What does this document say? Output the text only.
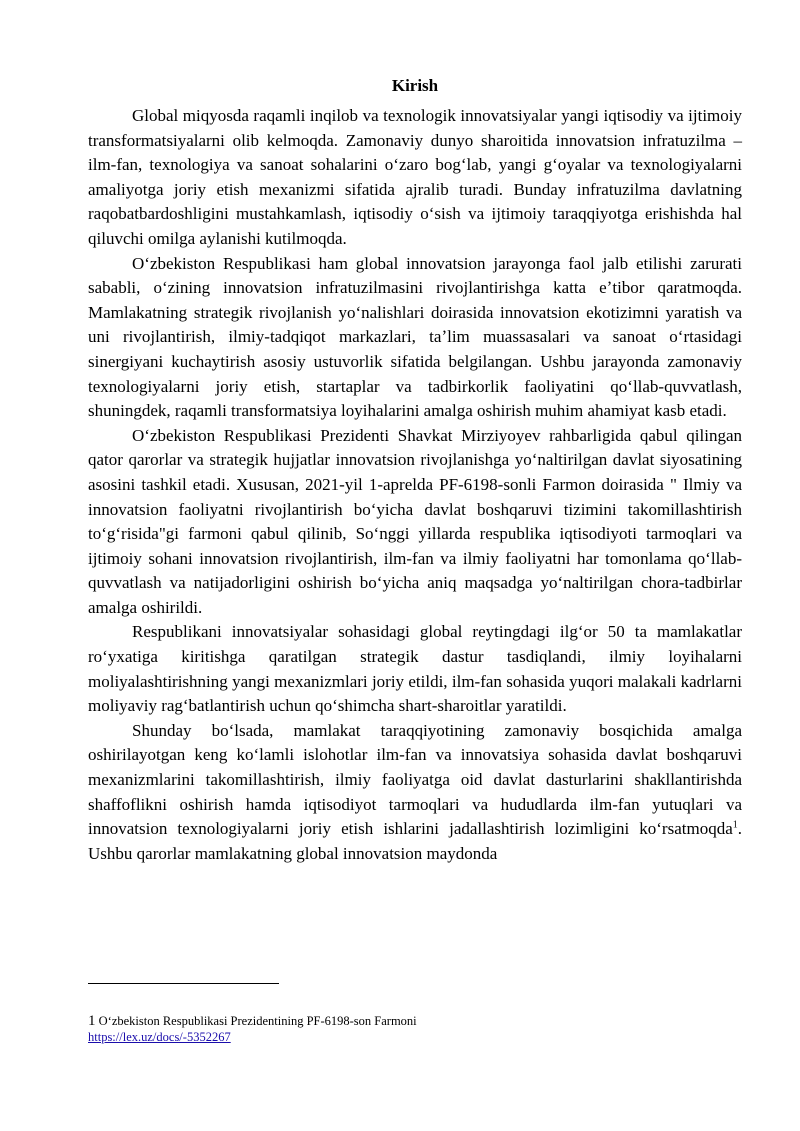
Kirish

Global miqyosda raqamli inqilob va texnologik innovatsiyalar yangi iqtisodiy va ijtimoiy transformatsiyalarni olib kelmoqda. Zamonaviy dunyo sharoitida innovatsion infratuzilma – ilm-fan, texnologiya va sanoat sohalarini oʻzaro bogʻlab, yangi gʻoyalar va texnologiyalarni amaliyotga joriy etish mexanizmi sifatida ajralib turadi. Bunday infratuzilma davlatning raqobatbardoshligini mustahkamlash, iqtisodiy oʻsish va ijtimoiy taraqqiyotga erishishda hal qiluvchi omilga aylanishi kutilmoqda.

Oʻzbekiston Respublikasi ham global innovatsion jarayonga faol jalb etilishi zarurati sababli, oʻzining innovatsion infratuzilmasini rivojlantirishga katta eʼtibor qaratmoqda. Mamlakatning strategik rivojlanish yoʻnalishlari doirasida innovatsion ekotizimni yaratish va uni rivojlantirish, ilmiy-tadqiqot markazlari, taʼlim muassasalari va sanoat oʻrtasidagi sinergiyani kuchaytirish asosiy ustuvorlik sifatida belgilangan. Ushbu jarayonda zamonaviy texnologiyalarni joriy etish, startaplar va tadbirkorlik faoliyatini qoʻllab-quvvatlash, shuningdek, raqamli transformatsiya loyihalarini amalga oshirish muhim ahamiyat kasb etadi.

Oʻzbekiston Respublikasi Prezidenti Shavkat Mirziyoyev rahbarligida qabul qilingan qator qarorlar va strategik hujjatlar innovatsion rivojlanishga yoʻnaltirilgan davlat siyosatining asosini tashkil etadi. Xususan, 2021-yil 1-aprelda PF-6198-sonli Farmon doirasida " Ilmiy va innovatsion faoliyatni rivojlantirish boʻyicha davlat boshqaruvi tizimini takomillashtirish toʻgʻrisida"gi farmoni qabul qilinib, Soʻnggi yillarda respublika iqtisodiyoti tarmoqlari va ijtimoiy sohani innovatsion rivojlantirish, ilm-fan va ilmiy faoliyatni har tomonlama qoʻllab-quvvatlash va natijadorligini oshirish boʻyicha aniq maqsadga yoʻnaltirilgan chora-tadbirlar amalga oshirildi.

Respublikani innovatsiyalar sohasidagi global reytingdagi ilgʻor 50 ta mamlakatlar roʻyxatiga kiritishga qaratilgan strategik dastur tasdiqlandi, ilmiy loyihalarni moliyalashtirishning yangi mexanizmlari joriy etildi, ilm-fan sohasida yuqori malakali kadrlarni moliyaviy ragʻbatlantirish uchun qoʻshimcha shart-sharoitlar yaratildi.

Shunday boʻlsada, mamlakat taraqqiyotining zamonaviy bosqichida amalga oshirilayotgan keng koʻlamli islohotlar ilm-fan va innovatsiya sohasida davlat boshqaruvi mexanizmlarini takomillashtirish, ilmiy faoliyatga oid davlat dasturlarini shakllantirishda shaffoflikni oshirish hamda iqtisodiyot tarmoqlari va hududlarda ilm-fan yutuqlari va innovatsion texnologiyalarni joriy etish ishlarini jadallashtirish lozimligini koʻrsatmoqda$^1$. Ushbu qarorlar mamlakatning global innovatsion maydonda

1 Oʻzbekiston Respublikasi Prezidentining PF-6198-son Farmoni
https://lex.uz/docs/-5352267
